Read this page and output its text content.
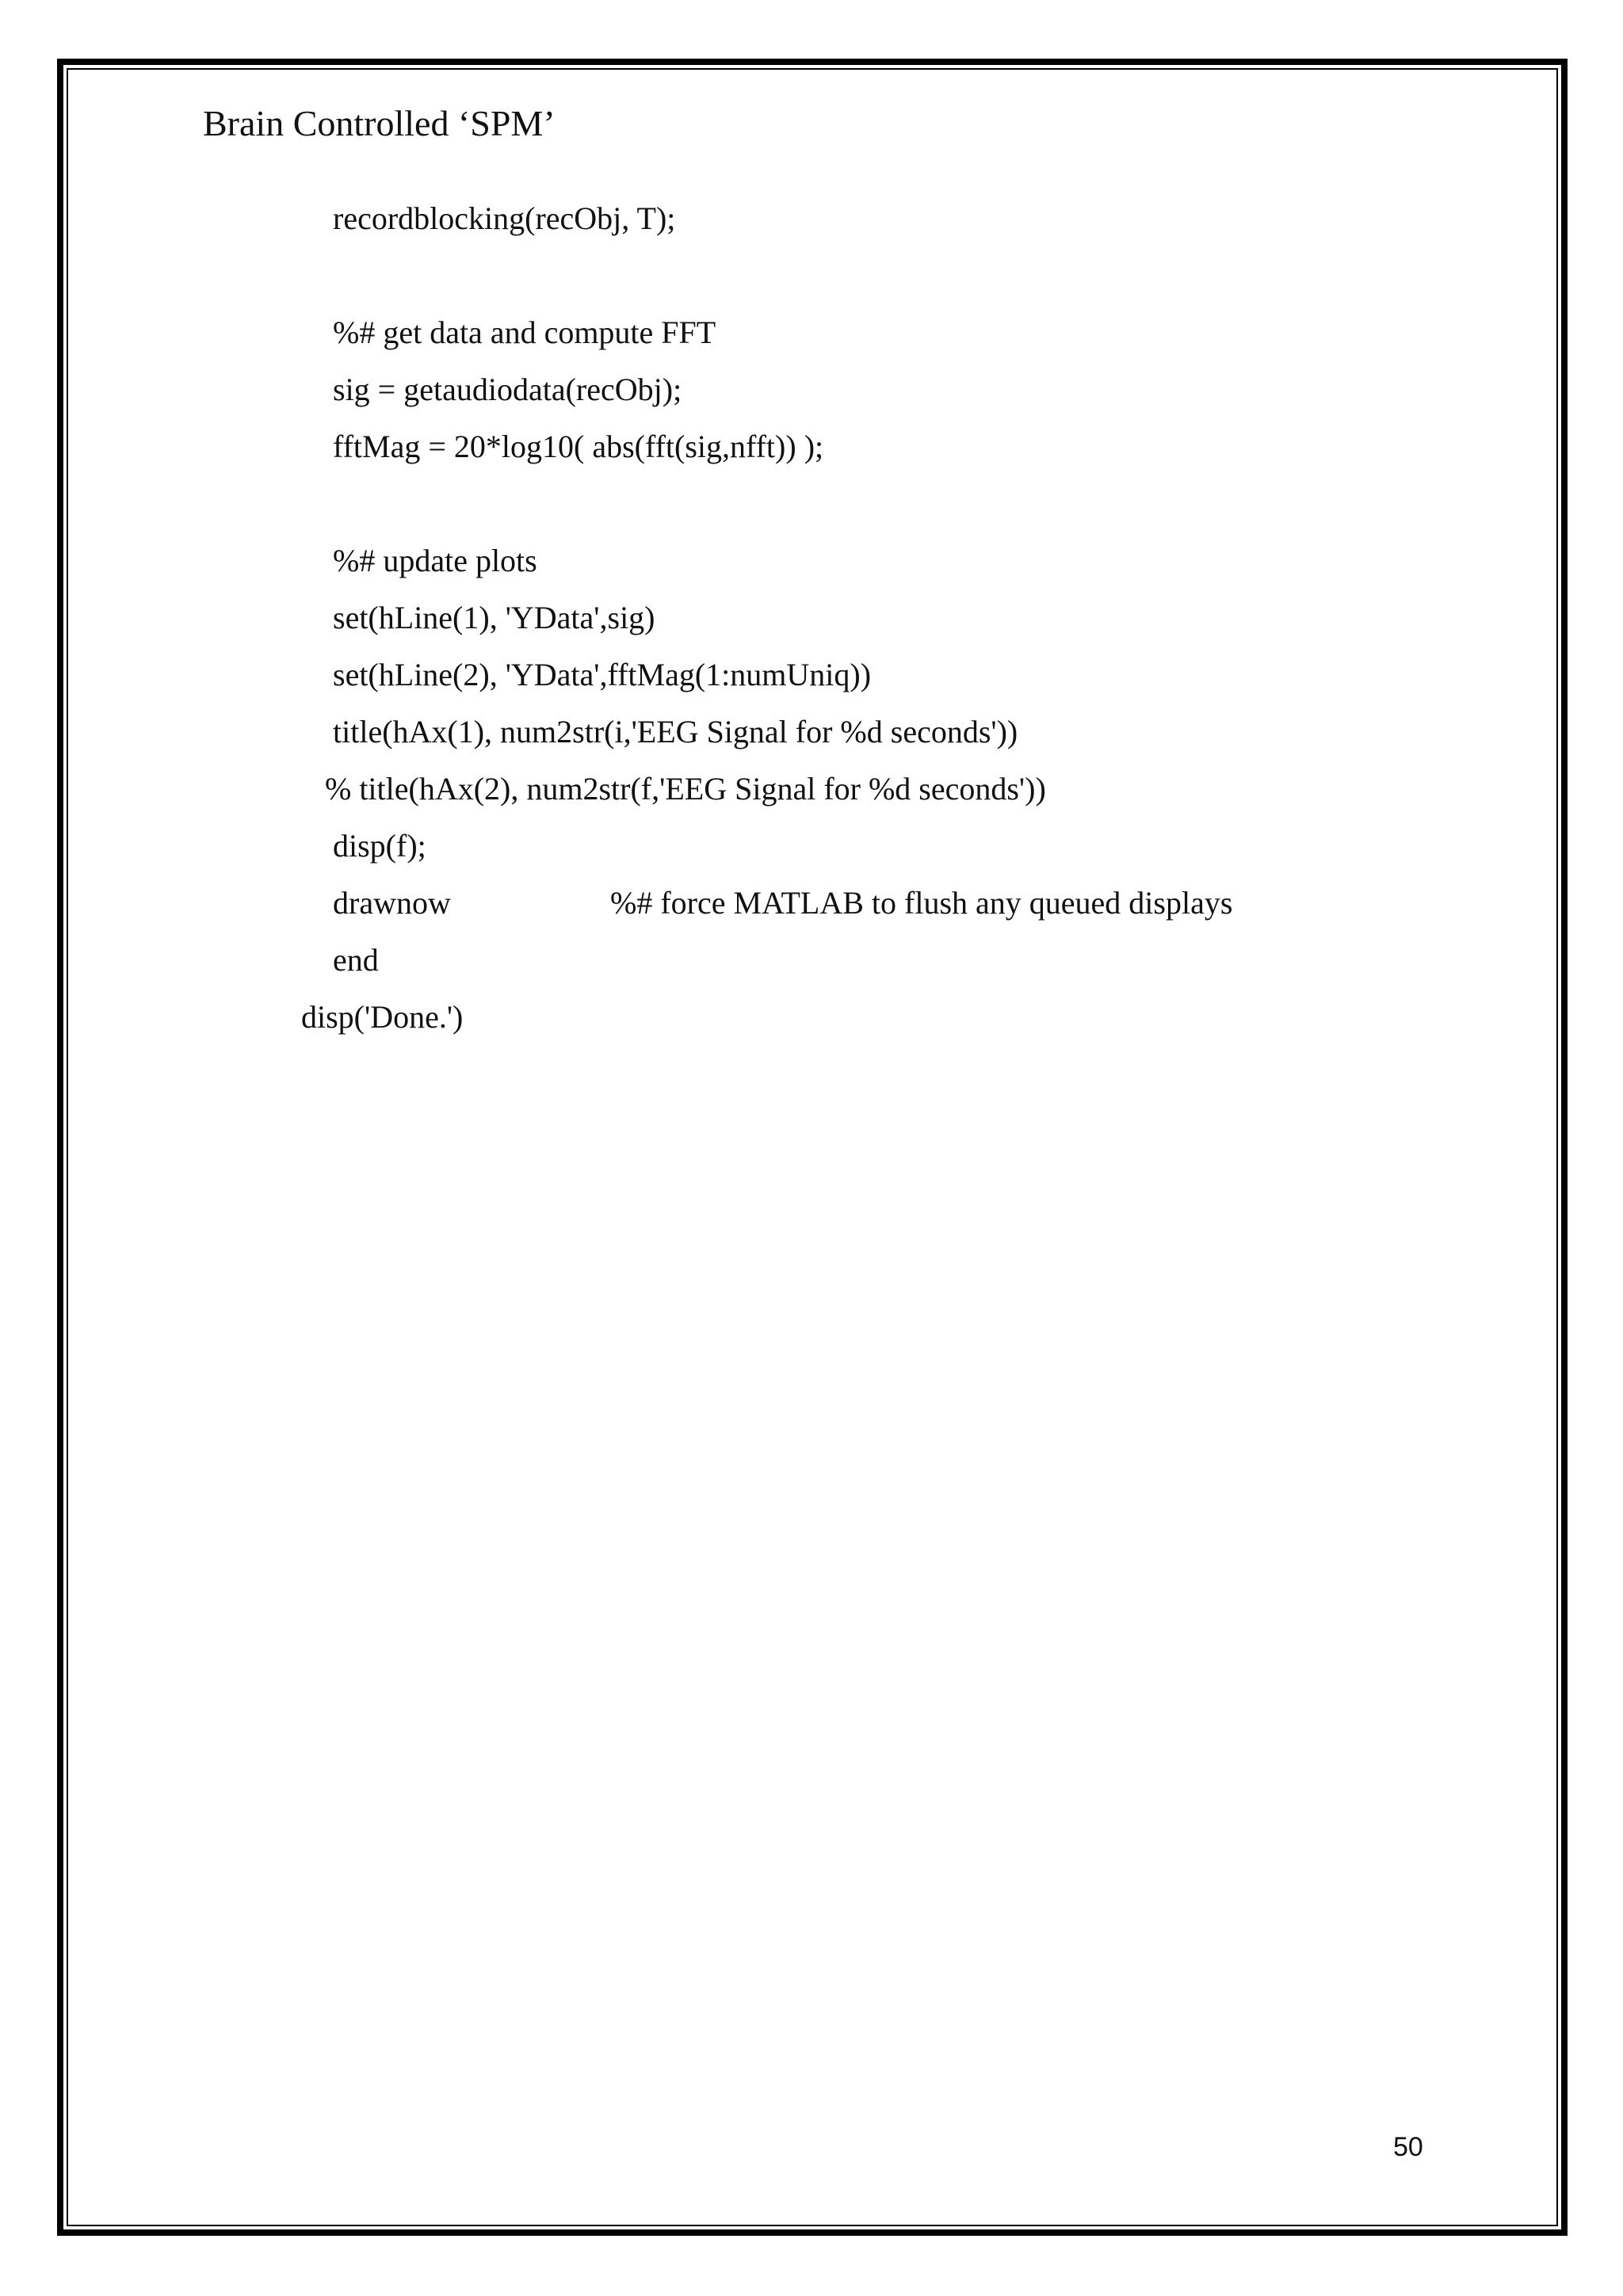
Brain Controlled ‘SPM’
recordblocking(recObj, T);
%# get data and compute FFT
sig = getaudiodata(recObj);
fftMag = 20*log10( abs(fft(sig,nfft)) );
%# update plots
set(hLine(1), 'YData',sig)
set(hLine(2), 'YData',fftMag(1:numUniq))
title(hAx(1), num2str(i,'EEG Signal for %d seconds'))
% title(hAx(2), num2str(f,'EEG Signal for %d seconds'))
disp(f);
drawnow	%# force MATLAB to flush any queued displays
end
disp('Done.')
50
